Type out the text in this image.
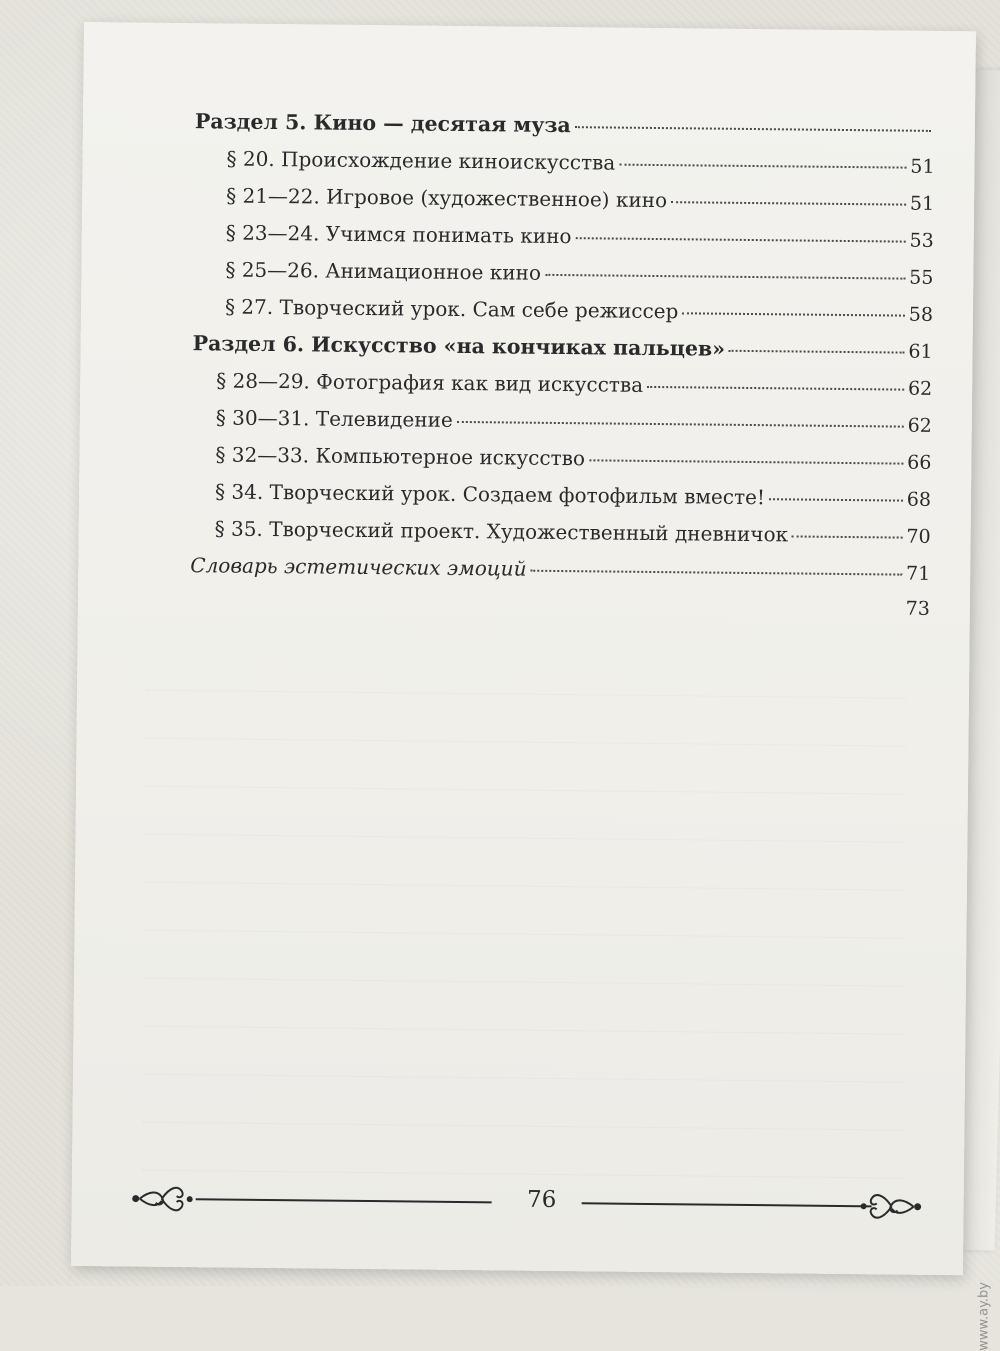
Раздел 5. Кино — десятая муза
§ 20. Происхождение киноискусства	51
§ 21—22. Игровое (художественное) кино	51
§ 23—24. Учимся понимать кино	53
§ 25—26. Анимационное кино	55
§ 27. Творческий урок. Сам себе режиссер	58
Раздел 6. Искусство «на кончиках пальцев»	61
§ 28—29. Фотография как вид искусства	62
§ 30—31. Телевидение	62
§ 32—33. Компьютерное искусство	66
§ 34. Творческий урок. Создаем фотофильм вместе!	68
§ 35. Творческий проект. Художественный дневничок	70
Словарь эстетических эмоций	71
73
76
www.ay.by
